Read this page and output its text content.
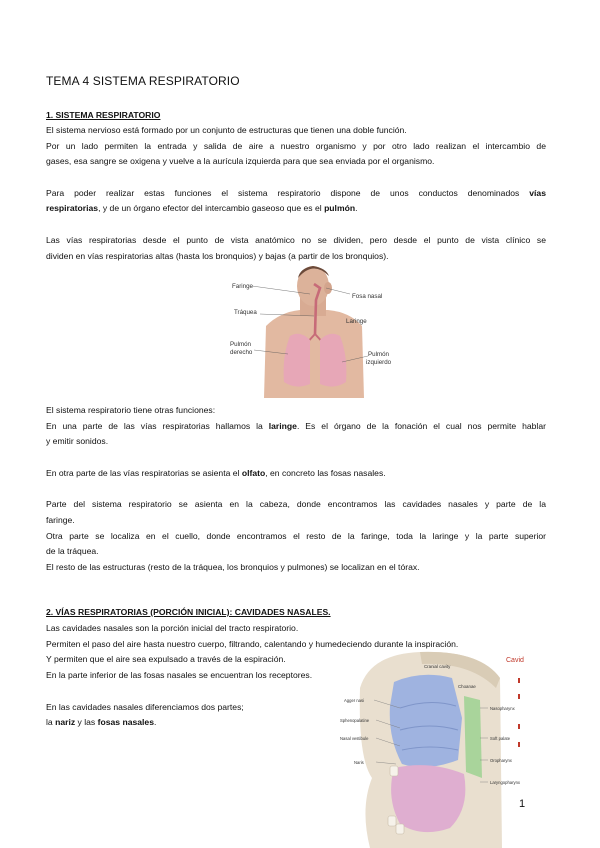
TEMA 4 SISTEMA RESPIRATORIO
1. SISTEMA RESPIRATORIO
El sistema nervioso está formado por un conjunto de estructuras que tienen una doble función.
Por un lado permiten la entrada y salida de aire a nuestro organismo y por otro lado realizan el intercambio de
gases, esa sangre se oxigena y vuelve a la aurícula izquierda para que sea enviada por el organismo.
Para poder realizar estas funciones el sistema respiratorio dispone de unos conductos denominados vías
respiratorias, y de un órgano efector del intercambio gaseoso que es el pulmón.
Las vías respiratorias desde el punto de vista anatómico no se dividen, pero desde el punto de vista clínico se
dividen en vías respiratorias altas (hasta los bronquios) y bajas (a partir de los bronquios).
Faringe
Tráquea
Pulmón
derecho
Fosa nasal
Laringe
Pulmón
izquierdo
El sistema respiratorio tiene otras funciones:
En una parte de las vías respiratorias hallamos la laringe. Es el órgano de la fonación el cual nos permite hablar
y emitir sonidos.
En otra parte de las vías respiratorias se asienta el olfato, en concreto las fosas nasales.
Parte del sistema respiratorio se asienta en la cabeza, donde encontramos las cavidades nasales y parte de la
faringe.
Otra parte se localiza en el cuello, donde encontramos el resto de la faringe, toda la laringe y la parte superior
de la tráquea.
El resto de las estructuras (resto de la tráquea, los bronquios y pulmones) se localizan en el tórax.
2. VÍAS RESPIRATORIAS (PORCIÓN INICIAL): CAVIDADES NASALES.
Las cavidades nasales son la porción inicial del tracto respiratorio.
Permiten el paso del aire hasta nuestro cuerpo, filtrando, calentando y humedeciendo durante la inspiración.
Y permiten que el aire sea expulsado a través de la espiración.
En la parte inferior de las fosas nasales se encuentran los receptores.
En las cavidades nasales diferenciamos dos partes;
la nariz y las fosas nasales.
Cavid
Cranial cavity
Choanae
Agger nasi
Sphenopalatine
Nasal vestibule
Naris
Nasopharynx
Soft palate
Oropharynx
Laryngopharynx
1
